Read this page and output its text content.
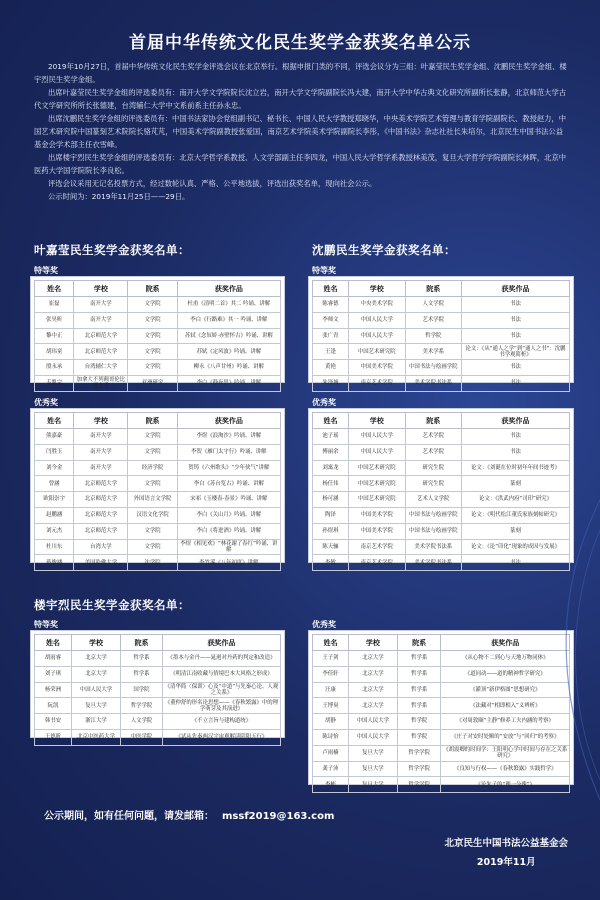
首届中华传统文化民生奖学金获奖名单公示

2019年10月27日，首届中华传统文化民生奖学金评选会议在北京举行。根据申报门类的不同，评选会议分为三组：叶嘉莹民生奖学金组、沈鹏民生奖学金组、楼宇烈民生奖学金组。

出席叶嘉莹民生奖学金组的评选委员有：南开大学文学院院长沈立岩，南开大学文学院副院长冯大建，南开大学中华古典文化研究所副所长张静，北京师范大学古代文学研究所所长张德建，台湾辅仁大学中文系前系主任孙永忠。

出席沈鹏民生奖学金组的评选委员有：中国书法家协会党组副书记、秘书长、中国人民大学教授郑晓华，中央美术学院艺术管理与教育学院副院长、教授赵力，中国艺术研究院中国篆刻艺术院院长骆芃芃，中国美术学院副教授张爱国，南京艺术学院美术学院副院长李彤，《中国书法》杂志社社长朱培尔，北京民生中国书法公益基金会学术部主任衣雪峰。

出席楼宇烈民生奖学金组的评选委员有：北京大学哲学系教授、人文学部副主任李四龙，中国人民大学哲学系教授林美茂，复旦大学哲学学院副院长林晖，北京中医药大学国学院院长李良松。

评选会议采用无记名投票方式，经过数轮认真、严格、公平地选拔，评选出获奖名单，现向社会公示。

公示时间为：2019年11月25日——29日。

叶嘉莹民生奖学金获奖名单：
特等奖
姓名	学校	院系	获奖作品
崔磊	南开大学	文学院	杜甫《清明二首》其二 吟诵、讲解
张昊昕	南开大学	文学院	李白《行路难》其一 吟诵、讲解
黎中正	北京师范大学	文学院	苏轼《念奴娇·赤壁怀古》吟诵、讲解
胡玮童	北京师范大学	文学院	苏轼《定风波》吟诵、讲解
殷永承	台湾辅仁大学	文学院	柳永《八声甘州》吟诵、讲解
韦胤宗	加拿大不列颠哥伦比亚大学	亚洲研究	李白《静夜思》吟诵、讲解
优秀奖
姓名	学校	院系	获奖作品
熊嘉豪	南开大学	文学院	李煜《浪淘沙》吟诵、讲解
闫胜玉	南开大学	文学院	李贺《雁门太守行》吟诵、讲解
刘今金	南开大学	经济学院	贺铸《六州歌头》“少年侠气”讲解
曾涵	北京师范大学	文学院	李白《苏台览古》吟诵、讲解
欧阳崇宇	北京师范大学	外国语言文学院	宋祁《玉楼春·春景》吟诵、讲解
赵鹏涵	北京师范大学	汉语文化学院	李白《关山月》吟诵、讲解
刘元杰	北京师范大学	文学院	李白《将进酒》吟诵、讲解
杜川东	台湾大学	文学院	李煜《相见欢》“林花谢了春红”吟诵、讲解
蒋俊涵	美国哈佛大学	法学院	李竹溪《八年初度》讲解
沈鹏民生奖学金获奖名单：
特等奖
姓名	学校	院系	获奖作品
陈睿德	中央美术学院	人文学院	书法
李师文	中国人民大学	艺术学院	书法
张广青	中国人民大学	哲学院	书法
王逢	中国艺术研究院	美术学系	论文：《从“通人之学”到“通人之书”：沈鹏书学观简析》
黄艳	中国美术学院	中国书法与绘画学院	书法
朱泽城	南京艺术学院	美术学院书法系	书法
优秀奖
姓名	学校	院系	获奖作品
池子瑶	中国人民大学	艺术学院	书法
傅丽余	中国人民大学	艺术学院	书法
刘寓龙	中国艺术研究院	研究生院	论文：《刘诞在位时初年年间书迹考》
杨任伟	中国艺术研究院	研究生院	篆刻
杨可涵	中国艺术研究院	艺术人文学院	论文：《洪武内府“司印”研究》
陶泽	中国美术学院	中国书法与绘画学院	论文：《明代松江董氏家族刻帖研究》
孙煜琪	中国美术学院	中国书法与绘画学院	篆刻
陈天骊	南京艺术学院	美术学院书法系	论文：《论“印化”现象的成因与发展》
李敏	南京艺术学院	美术学院书法系	书法
楼宇烈民生奖学金获奖名单：
特等奖
姓名	学校	院系	获奖作品
胡雨睿	北京大学	哲学系	《墨本与金丹——晁迥对丹药的判定和改造》
刘子琪	北京大学	哲学系	《明清江南收藏与情境巴本大风格之形成》
杨荣洲	中国人民大学	国学院	《清华简〈保训〉心及“中道”与先秦心论、人观之关系》
阮凯	复旦大学	哲学学院	《董仲舒的形名论思想——《春秋繁露》中的理学萌芽及其演进》
韩书安	浙江大学	人文学院	《不立言旨与建构道统》
王德昕	北京中医药大学	中医学院	《试从先秦两汉宇宙观解读阴阳五行》
优秀奖
姓名	学校	院系	获奖作品
王子剑	北京大学	哲学系	《从心物不二到心与天地万物同体》
李佳轩	北京大学	哲学系	《道同动——道的精神哲学研究》
汪康	北京大学	哲学系	《灌顶“新伊格图”思想研究》
王博臭	北京大学	哲学系	《法藏对“相即相入”义辨析》
胡静	中国人民大学	哲学院	《对周敦颐“主静”修养工夫内涵的考察》
陈诗怡	中国人民大学	哲学院	《庄子对安时处顺的“安放”与“回归”的考察》
卢雨楠	复旦大学	哲学学院	《胡震卿的时间学：王阳明心学中时间与存在之关系研究》
龚子沛	复旦大学	哲学学院	《良知与行权——《春秋繁露》实践哲学》
李彬	复旦大学	哲学学院	《论朱子的“理一分殊”》
公示期间，如有任何问题，请发邮箱： mssf2019@163.com
北京民生中国书法公益基金会
2019年11月
